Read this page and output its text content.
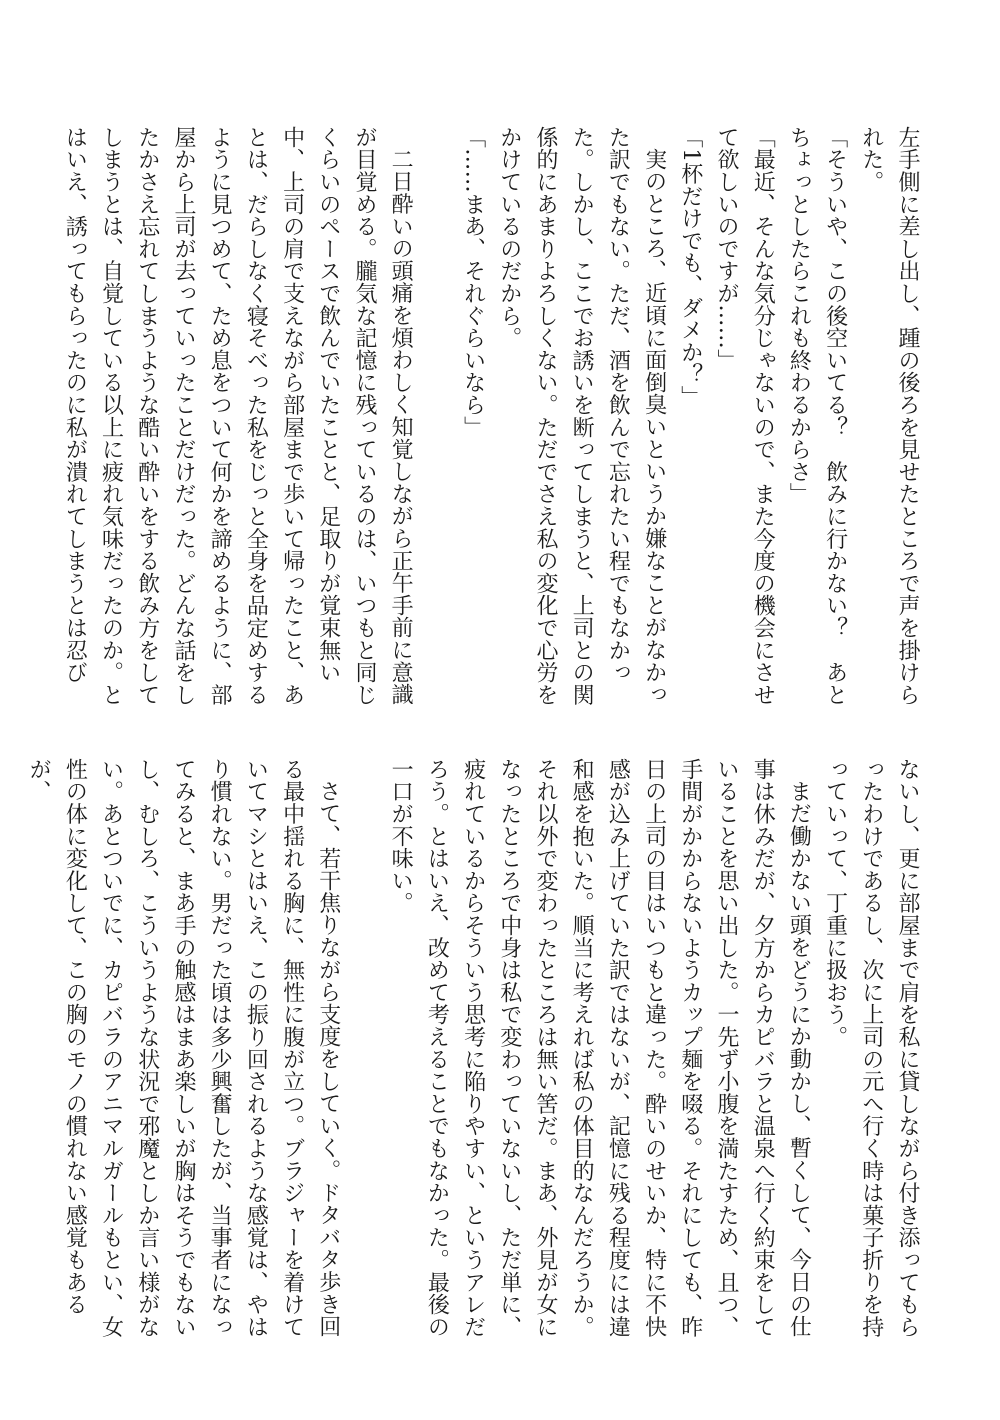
左手側に差し出し、踵の後ろを見せたところで声を掛けられた。

「そういや、この後空いてる？　飲みに行かない？　あとちょっとしたらこれも終わるからさ」

「最近、そんな気分じゃないので、また今度の機会にさせて欲しいのですが……」

「1杯だけでも、ダメか？」

実のところ、近頃に面倒臭いというか嫌なことがなかった訳でもない。ただ、酒を飲んで忘れたい程でもなかった。しかし、ここでお誘いを断ってしまうと、上司との関係的にあまりよろしくない。ただでさえ私の変化で心労をかけているのだから。

「……まあ、それぐらいなら」

二日酔いの頭痛を煩わしく知覚しながら正午手前に意識が目覚める。朧気な記憶に残っているのは、いつもと同じくらいのペースで飲んでいたことと、足取りが覚束無い中、上司の肩で支えながら部屋まで歩いて帰ったこと、あとは、だらしなく寝そべった私をじっと全身を品定めするように見つめて、ため息をついて何かを諦めるように、部屋から上司が去っていったことだけだった。どんな話をしたかさえ忘れてしまうような酷い酔いをする飲み方をしてしまうとは、自覚している以上に疲れ気味だったのか。とはいえ、誘ってもらったのに私が潰れてしまうとは忍び

ないし、更に部屋まで肩を私に貸しながら付き添ってもらったわけであるし、次に上司の元へ行く時は菓子折りを持っていって、丁重に扱おう。

まだ働かない頭をどうにか動かし、暫くして、今日の仕事は休みだが、夕方からカピバラと温泉へ行く約束をしていることを思い出した。一先ず小腹を満たすため、且つ、手間がかからないようカップ麺を啜る。それにしても、昨日の上司の目はいつもと違った。酔いのせいか、特に不快感が込み上げていた訳ではないが、記憶に残る程度には違和感を抱いた。順当に考えれば私の体目的なんだろうか。それ以外で変わったところは無い筈だ。まあ、外見が女になったところで中身は私で変わっていないし、ただ単に、疲れているからそういう思考に陥りやすい、というアレだろう。とはいえ、改めて考えることでもなかった。最後の一口が不味い。

さて、若干焦りながら支度をしていく。ドタバタ歩き回る最中揺れる胸に、無性に腹が立つ。ブラジャーを着けていてマシとはいえ、この振り回されるような感覚は、やはり慣れない。男だった頃は多少興奮したが、当事者になってみると、まあ手の触感はまあ楽しいが胸はそうでもないし、むしろ、こういうような状況で邪魔としか言い様がない。あとついでに、カピバラのアニマルガールもとい、女性の体に変化して、この胸のモノの慣れない感覚もあるが、
